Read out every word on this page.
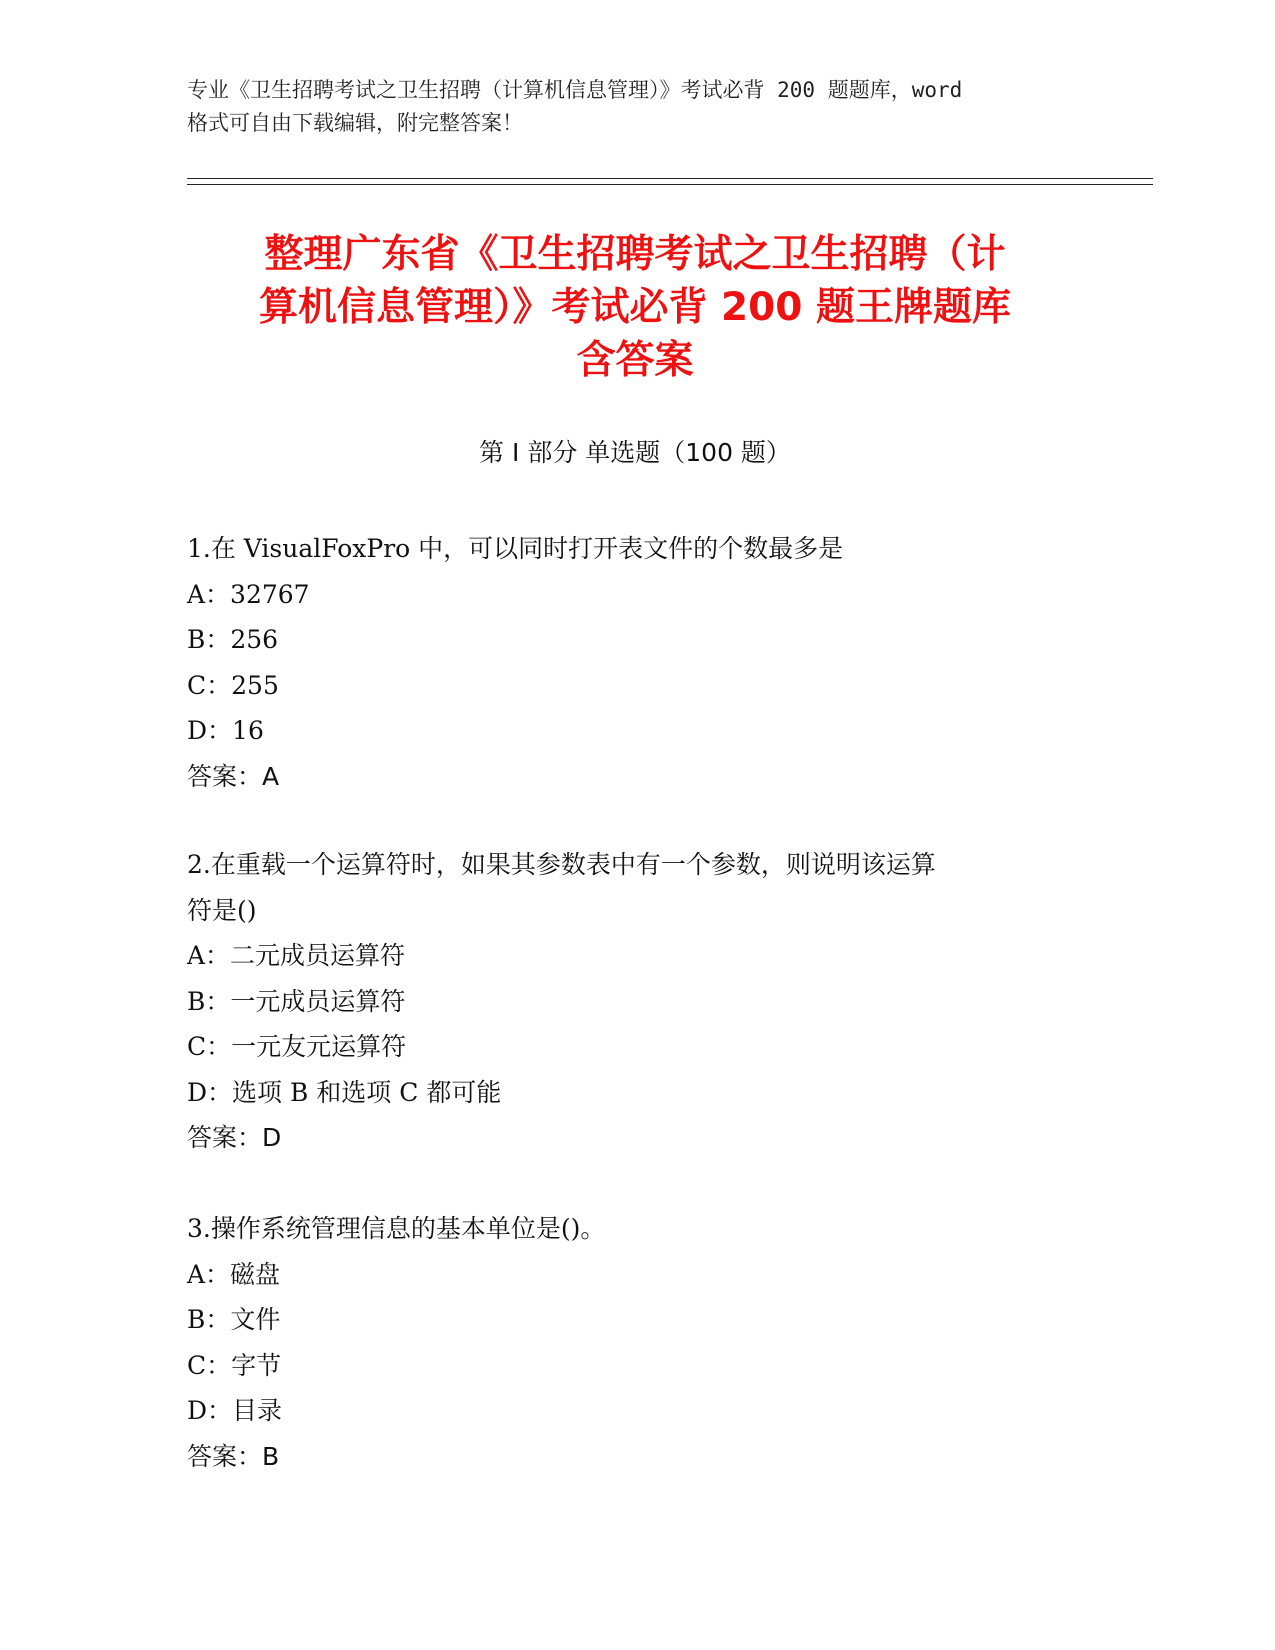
专业《卫生招聘考试之卫生招聘（计算机信息管理）》考试必背 200 题题库，word
格式可自由下载编辑，附完整答案！
整理广东省《卫生招聘考试之卫生招聘（计
算机信息管理）》考试必背 200 题王牌题库
含答案
第 I 部分 单选题（100 题）
1.在 VisualFoxPro 中，可以同时打开表文件的个数最多是
A：32767
B：256
C：255
D：16
答案：A
2.在重载一个运算符时，如果其参数表中有一个参数，则说明该运算
符是()
A：二元成员运算符
B：一元成员运算符
C：一元友元运算符
D：选项 B 和选项 C 都可能
答案：D
3.操作系统管理信息的基本单位是()。
A：磁盘
B：文件
C：字节
D：目录
答案：B
